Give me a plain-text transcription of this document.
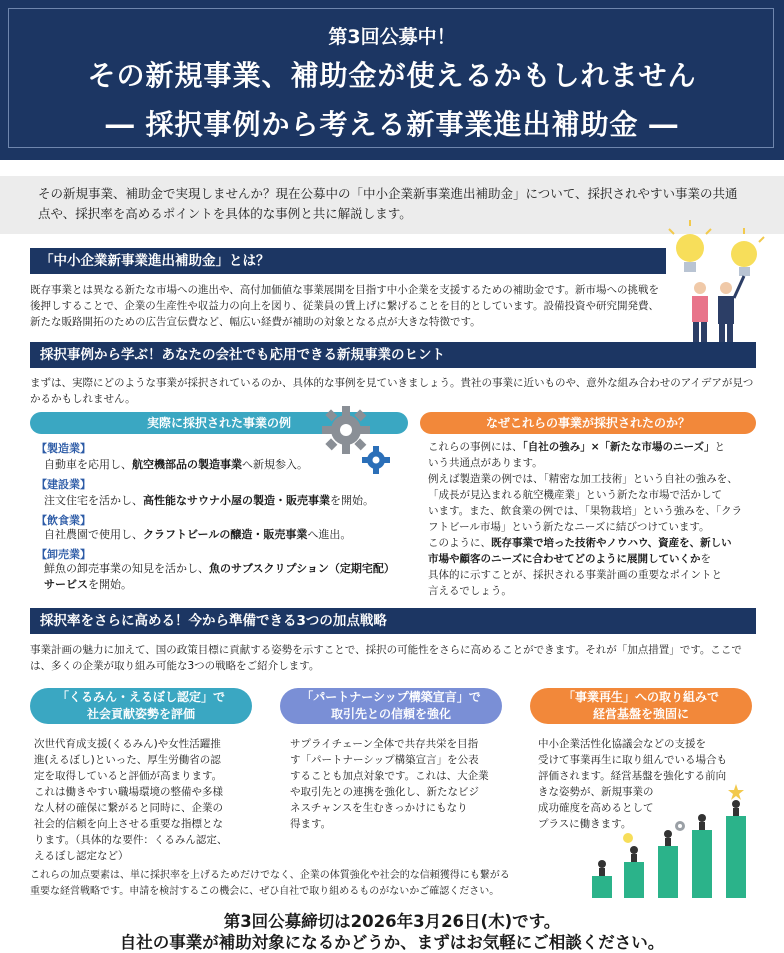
第3回公募中！
その新規事業、補助金が使えるかもしれません
― 採択事例から考える新事業進出補助金 ―
その新規事業、補助金で実現しませんか？現在公募中の「中小企業新事業進出補助金」について、採択されやすい事業の共通点や、採択率を高めるポイントを具体的な事例と共に解説します。
「中小企業新事業進出補助金」とは？
既存事業とは異なる新たな市場への進出や、高付加価値な事業展開を目指す中小企業を支援するための補助金です。新市場への挑戦を後押しすることで、企業の生産性や収益力の向上を図り、従業員の賃上げに繋げることを目的としています。設備投資や研究開発費、新たな販路開拓のための広告宣伝費など、幅広い経費が補助の対象となる点が大きな特徴です。
採択事例から学ぶ！あなたの会社でも応用できる新規事業のヒント
まずは、実際にどのような事業が採択されているのか、具体的な事例を見ていきましょう。貴社の事業に近いものや、意外な組み合わせのアイデアが見つかるかもしれません。
実際に採択された事業の例	なぜこれらの事業が採択されたのか？
【製造業】
自動車を応用し、航空機部品の製造事業へ新規参入。
【建設業】
注文住宅を活かし、高性能なサウナ小屋の製造・販売事業を開始。
【飲食業】
自社農園で使用し、クラフトビールの醸造・販売事業へ進出。
【卸売業】
鮮魚の卸売事業の知見を活かし、魚のサブスクリプション（定期宅配）
サービスを開始。
これらの事例には、「自社の強み」×「新たな市場のニーズ」と
いう共通点があります。
例えば製造業の例では、「精密な加工技術」という自社の強みを、
「成長が見込まれる航空機産業」という新たな市場で活かして
います。また、飲食業の例では、「果物栽培」という強みを、「クラ
フトビール市場」という新たなニーズに結びつけています。
このように、既存事業で培った技術やノウハウ、資産を、新しい
市場や顧客のニーズに合わせてどのように展開していくかを
具体的に示すことが、採択される事業計画の重要なポイントと
言えるでしょう。
採択率をさらに高める！今から準備できる3つの加点戦略
事業計画の魅力に加えて、国の政策目標に貢献する姿勢を示すことで、採択の可能性をさらに高めることができます。それが「加点措置」です。ここでは、多くの企業が取り組み可能な3つの戦略をご紹介します。
「くるみん・えるぼし認定」で
社会貢献姿勢を評価
「パートナーシップ構築宣言」で
取引先との信頼を強化
「事業再生」への取り組みで
経営基盤を強固に
次世代育成支援(くるみん)や女性活躍推
進(えるぼし)といった、厚生労働省の認
定を取得していると評価が高まります。
これは働きやすい職場環境の整備や多様
な人材の確保に繋がると同時に、企業の
社会的信頼を向上させる重要な指標とな
ります。（具体的な要件：くるみん認定、
えるぼし認定など）
サプライチェーン全体で共存共栄を目指
す「パートナーシップ構築宣言」を公表
することも加点対象です。これは、大企業
や取引先との連携を強化し、新たなビジ
ネスチャンスを生むきっかけにもなり
得ます。
中小企業活性化協議会などの支援を
受けて事業再生に取り組んでいる場合も
評価されます。経営基盤を強化する前向
きな姿勢が、新規事業の
成功確度を高めるとして
プラスに働きます。
これらの加点要素は、単に採択率を上げるためだけでなく、企業の体質強化や社会的な信頼獲得にも繋がる
重要な経営戦略です。申請を検討するこの機会に、ぜひ自社で取り組めるものがないかご確認ください。
第3回公募締切は2026年3月26日(木)です。
自社の事業が補助対象になるかどうか、まずはお気軽にご相談ください。
